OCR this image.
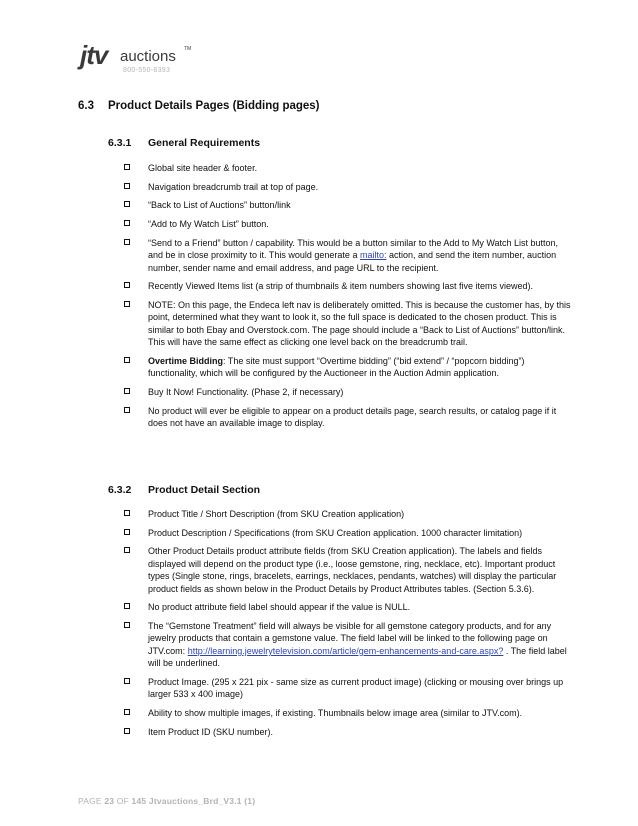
jtv auctions TM
800-550-8393
6.3 Product Details Pages (Bidding pages)
6.3.1 General Requirements
Global site header & footer.
Navigation breadcrumb trail at top of page.
“Back to List of Auctions” button/link
“Add to My Watch List” button.
“Send to a Friend” button / capability. This would be a button similar to the Add to My Watch List button, and be in close proximity to it. This would generate a mailto: action, and send the item number, auction number, sender name and email address, and page URL to the recipient.
Recently Viewed Items list (a strip of thumbnails & item numbers showing last five items viewed).
NOTE: On this page, the Endeca left nav is deliberately omitted. This is because the customer has, by this point, determined what they want to look it, so the full space is dedicated to the chosen product. This is similar to both Ebay and Overstock.com. The page should include a “Back to List of Auctions” button/link. This will have the same effect as clicking one level back on the breadcrumb trail.
Overtime Bidding: The site must support “Overtime bidding” (“bid extend” / “popcorn bidding”) functionality, which will be configured by the Auctioneer in the Auction Admin application.
Buy It Now! Functionality. (Phase 2, if necessary)
No product will ever be eligible to appear on a product details page, search results, or catalog page if it does not have an available image to display.
6.3.2 Product Detail Section
Product Title / Short Description (from SKU Creation application)
Product Description / Specifications (from SKU Creation application. 1000 character limitation)
Other Product Details product attribute fields (from SKU Creation application). The labels and fields displayed will depend on the product type (i.e., loose gemstone, ring, necklace, etc). Important product types (Single stone, rings, bracelets, earrings, necklaces, pendants, watches) will display the particular product fields as shown below in the Product Details by Product Attributes tables. (Section 5.3.6).
No product attribute field label should appear if the value is NULL.
The “Gemstone Treatment” field will always be visible for all gemstone category products, and for any jewelry products that contain a gemstone value. The field label will be linked to the following page on JTV.com: http://learning.jewelrytelevision.com/article/gem-enhancements-and-care.aspx? . The field label will be underlined.
Product Image. (295 x 221 pix - same size as current product image) (clicking or mousing over brings up larger 533 x 400 image)
Ability to show multiple images, if existing. Thumbnails below image area (similar to JTV.com).
Item Product ID (SKU number).
PAGE 23 OF 145 Jtvauctions_Brd_V3.1 (1)
